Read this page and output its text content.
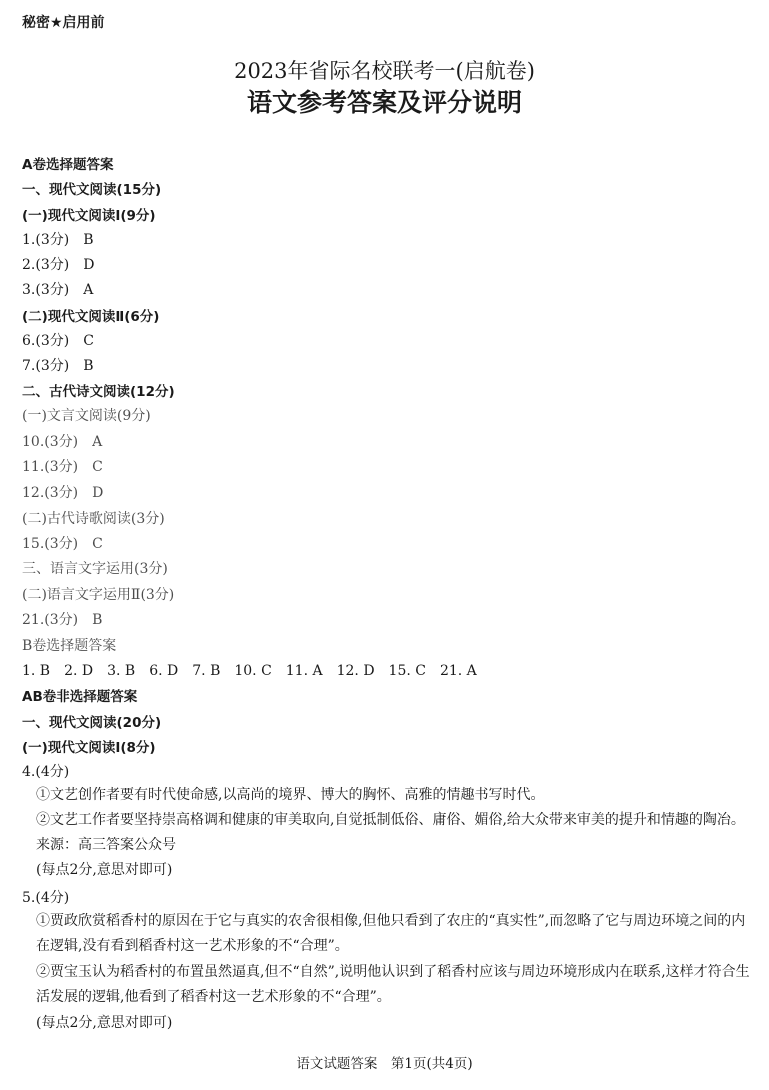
秘密★启用前
2023年省际名校联考一(启航卷)
语文参考答案及评分说明
A卷选择题答案
一、现代文阅读(15分)
(一)现代文阅读Ⅰ(9分)
1.(3分)　B
2.(3分)　D
3.(3分)　A
(二)现代文阅读Ⅱ(6分)
6.(3分)　C
7.(3分)　B
二、古代诗文阅读(12分)
(一)文言文阅读(9分)
10.(3分)　A
11.(3分)　C
12.(3分)　D
(二)古代诗歌阅读(3分)
15.(3分)　C
三、语言文字运用(3分)
(二)语言文字运用Ⅱ(3分)
21.(3分)　B
B卷选择题答案
1. B　2. D　3. B　6. D　7. B　10. C　11. A　12. D　15. C　21. A
AB卷非选择题答案
一、现代文阅读(20分)
(一)现代文阅读Ⅰ(8分)
4.(4分)
①文艺创作者要有时代使命感,以高尚的境界、博大的胸怀、高雅的情趣书写时代。
②文艺工作者要坚持崇高格调和健康的审美取向,自觉抵制低俗、庸俗、媚俗,给大众带来审美的提升和情趣的陶冶。来源：高三答案公众号
(每点2分,意思对即可)
5.(4分)
①贾政欣赏稻香村的原因在于它与真实的农舍很相像,但他只看到了农庄的“真实性”,而忽略了它与周边环境之间的内在逻辑,没有看到稻香村这一艺术形象的不“合理”。
②贾宝玉认为稻香村的布置虽然逼真,但不“自然”,说明他认识到了稻香村应该与周边环境形成内在联系,这样才符合生活发展的逻辑,他看到了稻香村这一艺术形象的不“合理”。
(每点2分,意思对即可)
语文试题答案　第1页(共4页)
